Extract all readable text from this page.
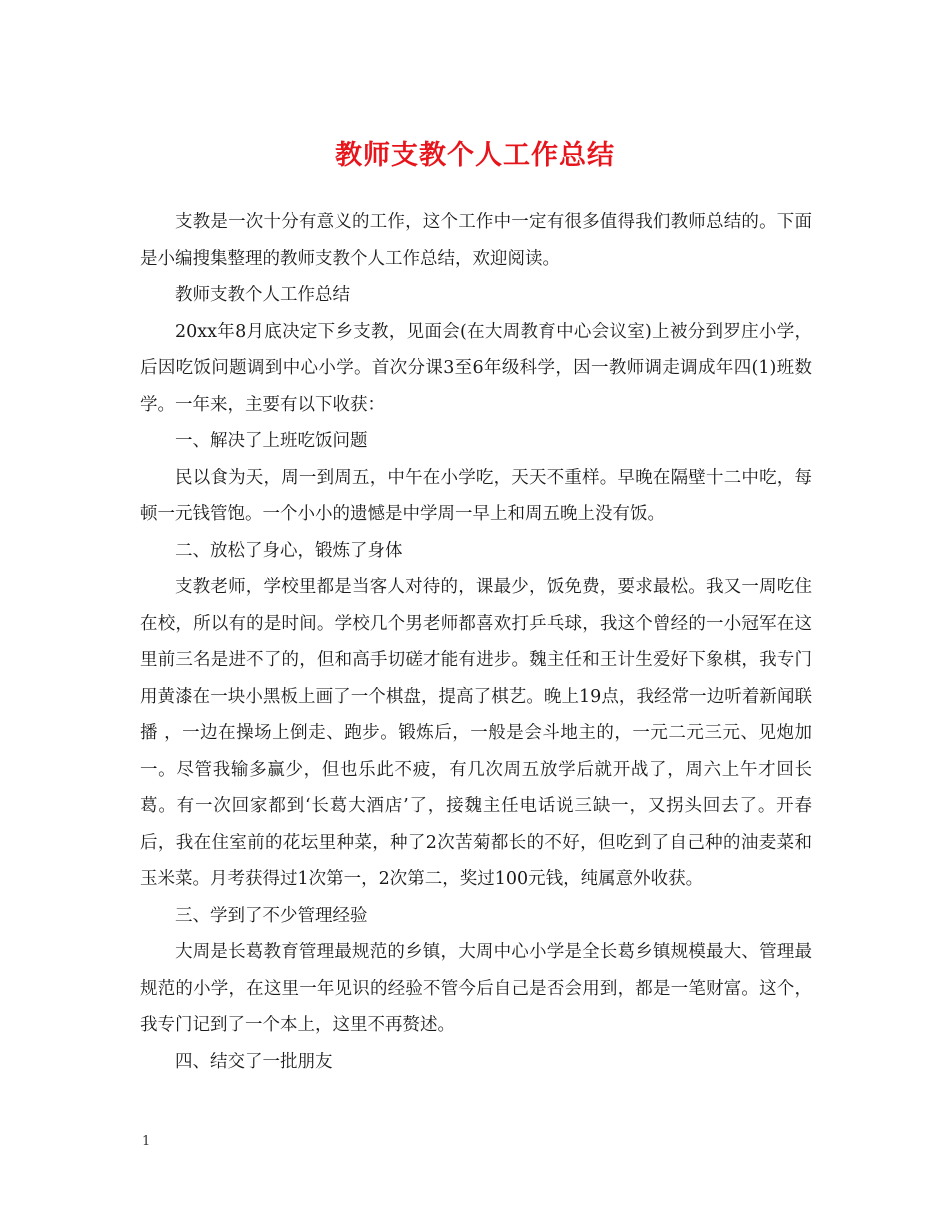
教师支教个人工作总结

支教是一次十分有意义的工作，这个工作中一定有很多值得我们教师总结的。下面是小编搜集整理的教师支教个人工作总结，欢迎阅读。

教师支教个人工作总结

20xx年8月底决定下乡支教，见面会(在大周教育中心会议室)上被分到罗庄小学，后因吃饭问题调到中心小学。首次分课3至6年级科学，因一教师调走调成年四(1)班数学。一年来，主要有以下收获：

一、解决了上班吃饭问题

民以食为天，周一到周五，中午在小学吃，天天不重样。早晚在隔壁十二中吃，每顿一元钱管饱。一个小小的遗憾是中学周一早上和周五晚上没有饭。

二、放松了身心，锻炼了身体

支教老师，学校里都是当客人对待的，课最少，饭免费，要求最松。我又一周吃住在校，所以有的是时间。学校几个男老师都喜欢打乒乓球，我这个曾经的一小冠军在这里前三名是进不了的，但和高手切磋才能有进步。魏主任和王计生爱好下象棋，我专门用黄漆在一块小黑板上画了一个棋盘，提高了棋艺。晚上19点，我经常一边听着新闻联播 ，一边在操场上倒走、跑步。锻炼后，一般是会斗地主的，一元二元三元、见炮加一。尽管我输多赢少，但也乐此不疲，有几次周五放学后就开战了，周六上午才回长葛。有一次回家都到‘长葛大酒店’了，接魏主任电话说三缺一，又拐头回去了。开春后，我在住室前的花坛里种菜，种了2次苦菊都长的不好，但吃到了自己种的油麦菜和玉米菜。月考获得过1次第一，2次第二，奖过100元钱，纯属意外收获。

三、学到了不少管理经验

大周是长葛教育管理最规范的乡镇，大周中心小学是全长葛乡镇规模最大、管理最规范的小学，在这里一年见识的经验不管今后自己是否会用到，都是一笔财富。这个，我专门记到了一个本上，这里不再赘述。

四、结交了一批朋友

1
